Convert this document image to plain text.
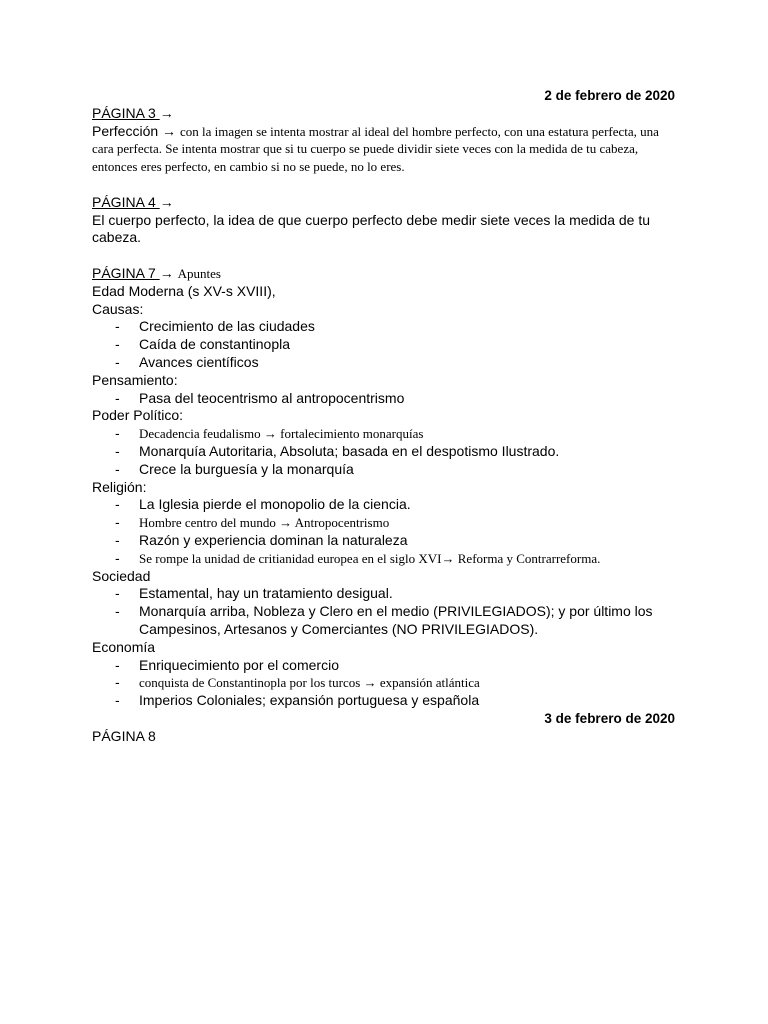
2 de febrero de 2020
PÁGINA 3 →

Perfección → con la imagen se intenta mostrar al ideal del hombre perfecto, con una estatura perfecta, una cara perfecta. Se intenta mostrar que si tu cuerpo se puede dividir siete veces con la medida de tu cabeza, entonces eres perfecto, en cambio si no se puede, no lo eres.

PÁGINA 4 →

El cuerpo perfecto, la idea de que cuerpo perfecto debe medir siete veces la medida de tu cabeza.

PÁGINA 7 → Apuntes
Edad Moderna (s XV-s XVIII),
Causas:
- Crecimiento de las ciudades
- Caída de constantinopla
- Avances científicos
Pensamiento:
- Pasa del teocentrismo al antropocentrismo
Poder Político:
- Decadencia feudalismo → fortalecimiento monarquías
- Monarquía Autoritaria, Absoluta; basada en el despotismo Ilustrado.
- Crece la burguesía y la monarquía
Religión:
- La Iglesia pierde el monopolio de la ciencia.
- Hombre centro del mundo → Antropocentrismo
- Razón y experiencia dominan la naturaleza
- Se rompe la unidad de critianidad europea en el siglo XVI→ Reforma y Contrarreforma.
Sociedad
- Estamental, hay un tratamiento desigual.
- Monarquía arriba, Nobleza y Clero en el medio (PRIVILEGIADOS); y por último los Campesinos, Artesanos y Comerciantes (NO PRIVILEGIADOS).
Economía
- Enriquecimiento por el comercio
- conquista de Constantinopla por los turcos → expansión atlántica
- Imperios Coloniales; expansión portuguesa y española
3 de febrero de 2020
PÁGINA 8
